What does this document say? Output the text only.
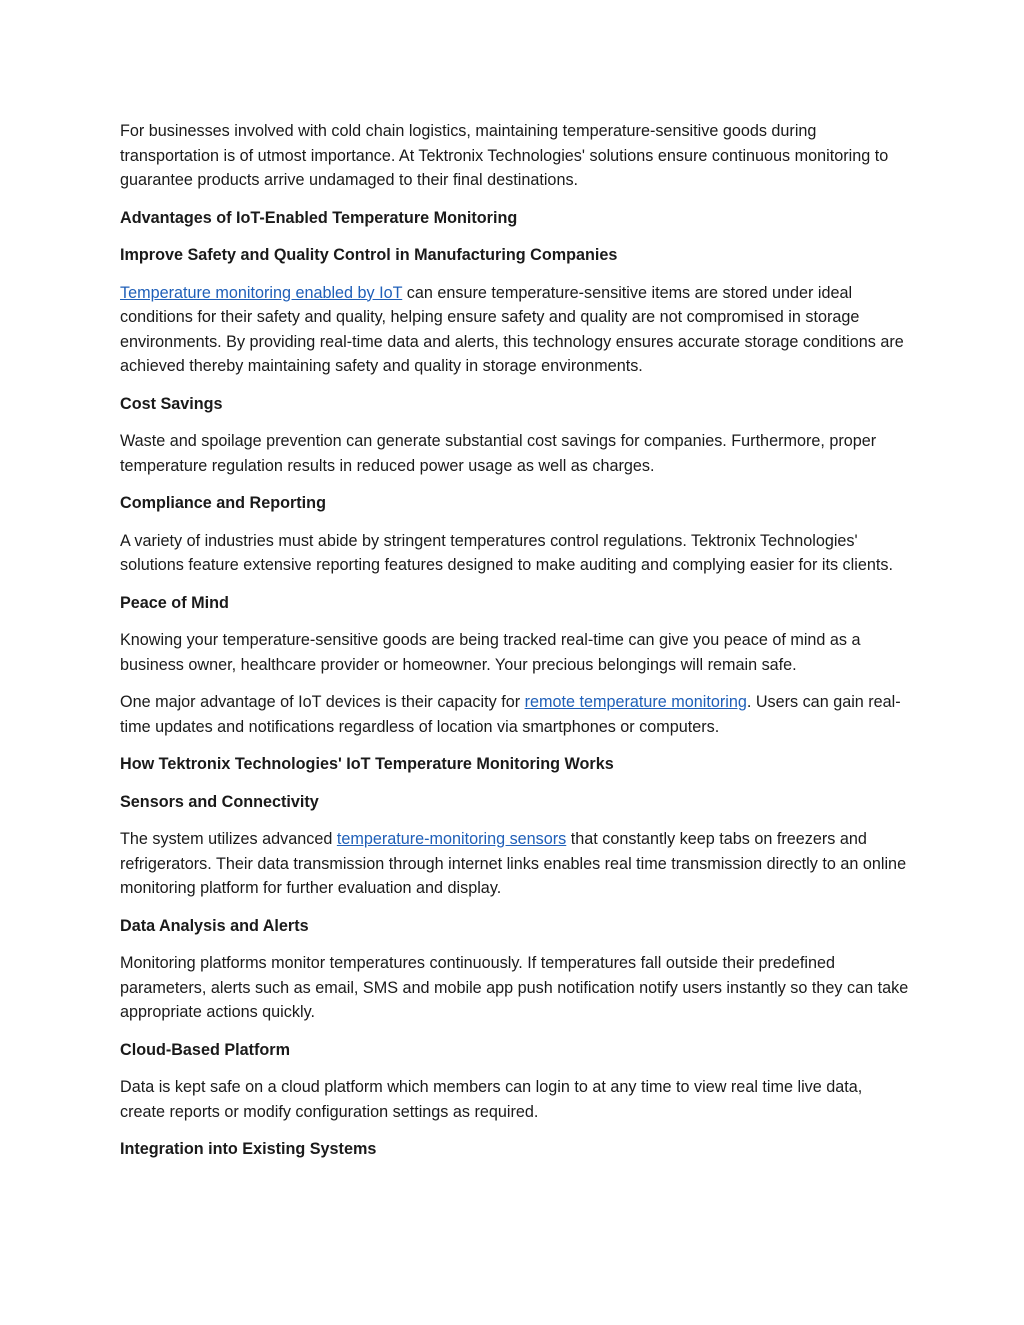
For businesses involved with cold chain logistics, maintaining temperature-sensitive goods during transportation is of utmost importance. At Tektronix Technologies' solutions ensure continuous monitoring to guarantee products arrive undamaged to their final destinations.

Advantages of IoT-Enabled Temperature Monitoring
Improve Safety and Quality Control in Manufacturing Companies

Temperature monitoring enabled by IoT can ensure temperature-sensitive items are stored under ideal conditions for their safety and quality, helping ensure safety and quality are not compromised in storage environments. By providing real-time data and alerts, this technology ensures accurate storage conditions are achieved thereby maintaining safety and quality in storage environments.

Cost Savings

Waste and spoilage prevention can generate substantial cost savings for companies. Furthermore, proper temperature regulation results in reduced power usage as well as charges.

Compliance and Reporting

A variety of industries must abide by stringent temperatures control regulations. Tektronix Technologies' solutions feature extensive reporting features designed to make auditing and complying easier for its clients.

Peace of Mind

Knowing your temperature-sensitive goods are being tracked real-time can give you peace of mind as a business owner, healthcare provider or homeowner. Your precious belongings will remain safe.

One major advantage of IoT devices is their capacity for remote temperature monitoring. Users can gain real-time updates and notifications regardless of location via smartphones or computers.

How Tektronix Technologies' IoT Temperature Monitoring Works
Sensors and Connectivity

The system utilizes advanced temperature-monitoring sensors that constantly keep tabs on freezers and refrigerators. Their data transmission through internet links enables real time transmission directly to an online monitoring platform for further evaluation and display.

Data Analysis and Alerts

Monitoring platforms monitor temperatures continuously. If temperatures fall outside their predefined parameters, alerts such as email, SMS and mobile app push notification notify users instantly so they can take appropriate actions quickly.

Cloud-Based Platform

Data is kept safe on a cloud platform which members can login to at any time to view real time live data, create reports or modify configuration settings as required.

Integration into Existing Systems
